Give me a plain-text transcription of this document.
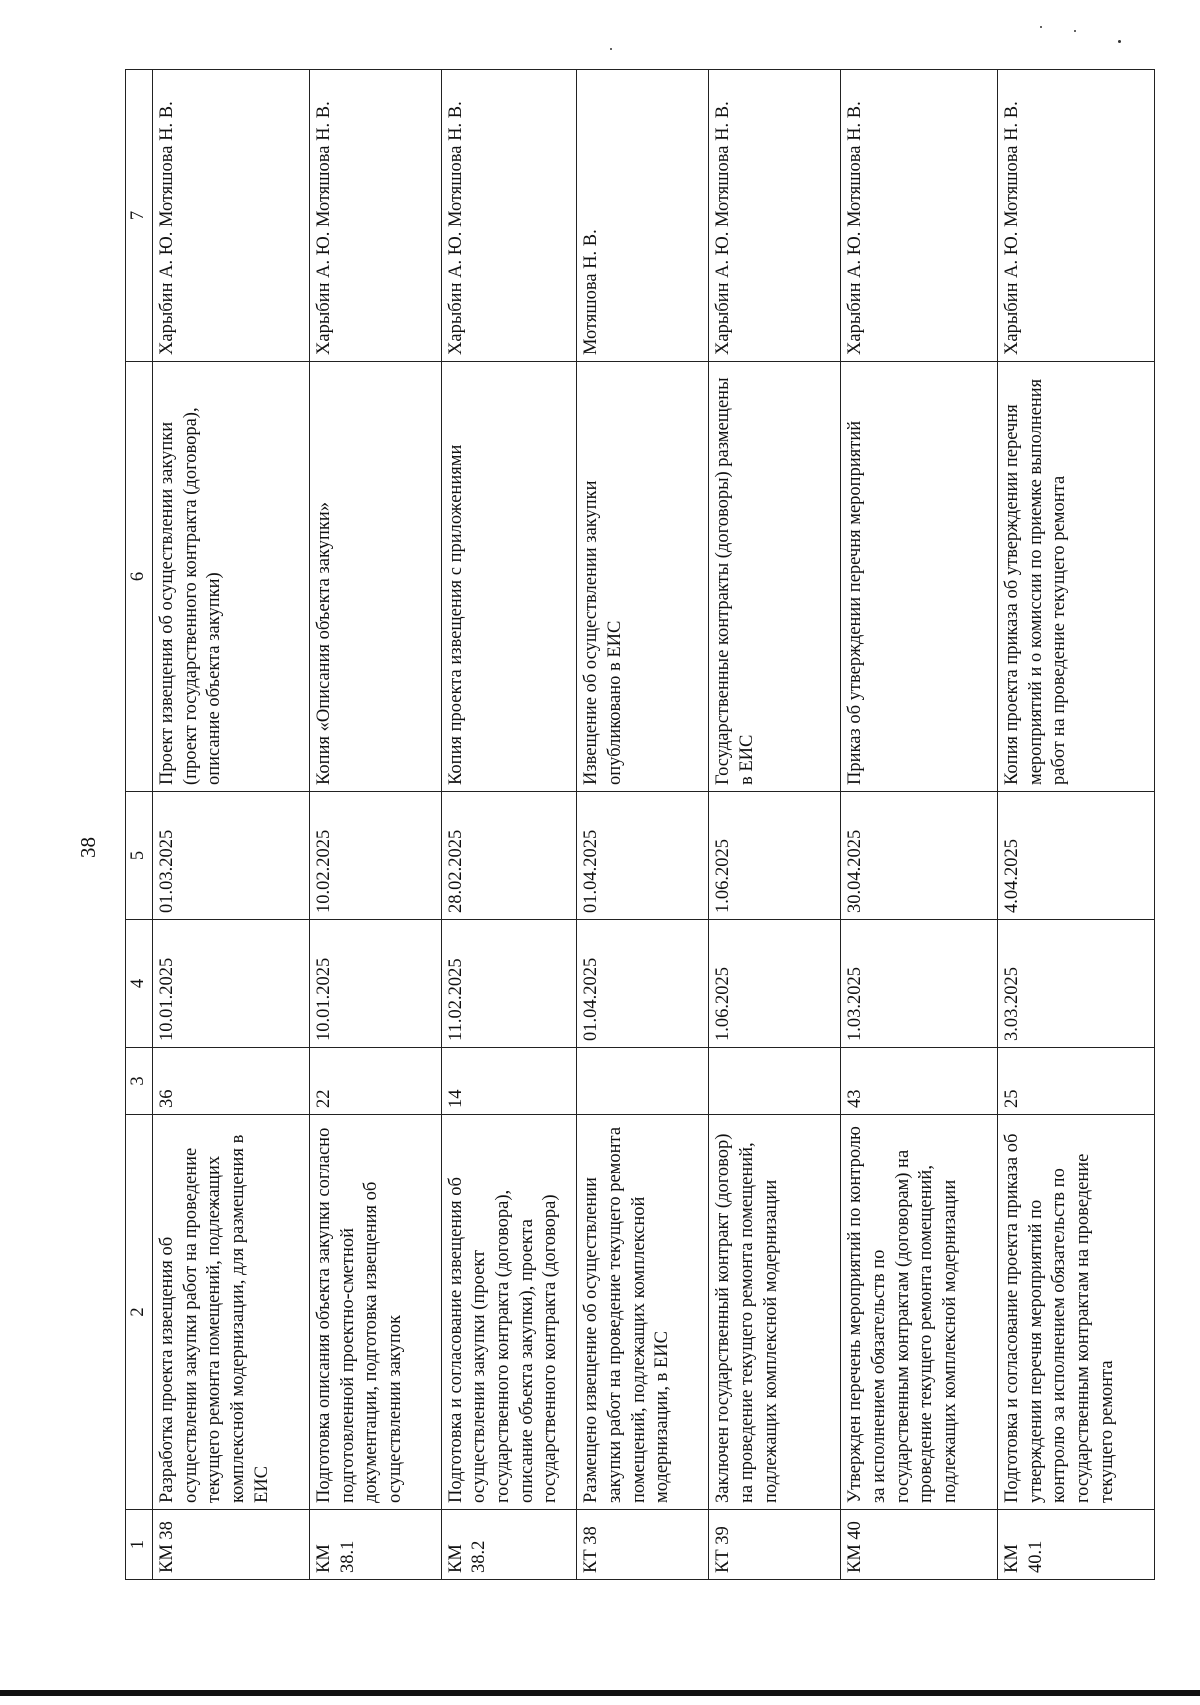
38
1	2	3	4	5	6	7
КМ 38	Разработка проекта извещения об осуществлении закупки работ на проведение текущего ремонта помещений, подлежащих комплексной модернизации, для размещения в ЕИС	36	10.01.2025	01.03.2025	Проект извещения об осуществлении закупки (проект государственного контракта (договора), описание объекта закупки)	Харыбин А. Ю. Мотяшова Н. В.
КМ 38.1	Подготовка описания объекта закупки согласно подготовленной проектно-сметной документации, подготовка извещения об осуществлении закупок	22	10.01.2025	10.02.2025	Копия «Описания объекта закупки»	Харыбин А. Ю. Мотяшова Н. В.
КМ 38.2	Подготовка и согласование извещения об осуществлении закупки (проект государственного контракта (договора), описание объекта закупки), проекта государственного контракта (договора)	14	11.02.2025	28.02.2025	Копия проекта извещения с приложениями	Харыбин А. Ю. Мотяшова Н. В.
КТ 38	Размещено извещение об осуществлении закупки работ на проведение текущего ремонта помещений, подлежащих комплексной модернизации, в ЕИС		01.04.2025	01.04.2025	Извещение об осуществлении закупки опубликовано в ЕИС	Мотяшова Н. В.
КТ 39	Заключен государственный контракт (договор) на проведение текущего ремонта помещений, подлежащих комплексной модернизации		1.06.2025	1.06.2025	Государственные контракты (договоры) размещены в ЕИС	Харыбин А. Ю. Мотяшова Н. В.
КМ 40	Утвержден перечень мероприятий по контролю за исполнением обязательств по государственным контрактам (договорам) на проведение текущего ремонта помещений, подлежащих комплексной модернизации	43	1.03.2025	30.04.2025	Приказ об утверждении перечня мероприятий	Харыбин А. Ю. Мотяшова Н. В.
КМ 40.1	Подготовка и согласование проекта приказа об утверждении перечня мероприятий по контролю за исполнением обязательств по государственным контрактам на проведение текущего ремонта	25	3.03.2025	4.04.2025	Копия проекта приказа об утверждении перечня мероприятий и о комиссии по приемке выполнения работ на проведение текущего ремонта	Харыбин А. Ю. Мотяшова Н. В.
